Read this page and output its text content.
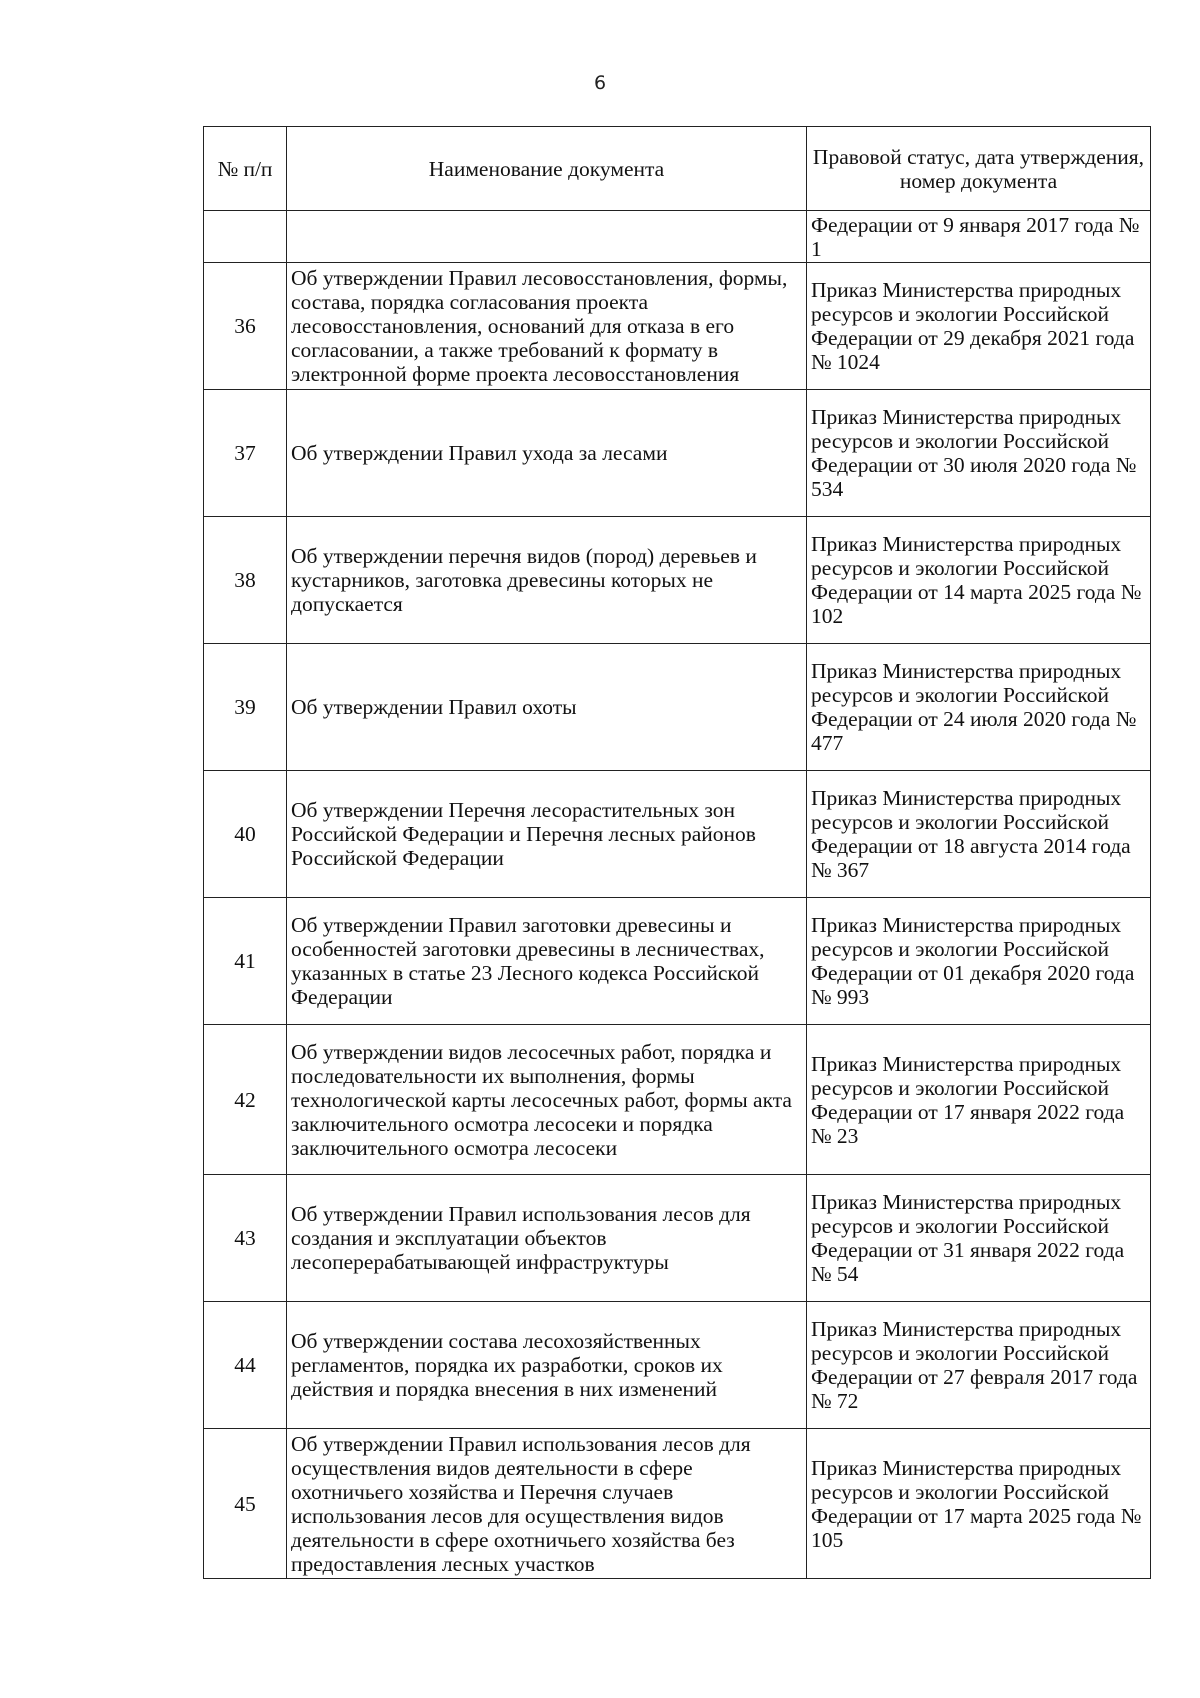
6
№ п/п	Наименование документа	Правовой статус, дата утверждения, номер документа
		Федерации от 9 января 2017 года № 1
36	Об утверждении Правил лесовосстановления, формы, состава, порядка согласования проекта лесовосстановления, оснований для отказа в его согласовании, а также требований к формату в электронной форме проекта лесовосстановления	Приказ Министерства природных ресурсов и экологии Российской Федерации от 29 декабря 2021 года № 1024
37	Об утверждении Правил ухода за лесами	Приказ Министерства природных ресурсов и экологии Российской Федерации от 30 июля 2020 года № 534
38	Об утверждении перечня видов (пород) деревьев и кустарников, заготовка древесины которых не допускается	Приказ Министерства природных ресурсов и экологии Российской Федерации от 14 марта 2025 года № 102
39	Об утверждении Правил охоты	Приказ Министерства природных ресурсов и экологии Российской Федерации от 24 июля 2020 года № 477
40	Об утверждении Перечня лесорастительных зон Российской Федерации и Перечня лесных районов Российской Федерации	Приказ Министерства природных ресурсов и экологии Российской Федерации от 18 августа 2014 года № 367
41	Об утверждении Правил заготовки древесины и особенностей заготовки древесины в лесничествах, указанных в статье 23 Лесного кодекса Российской Федерации	Приказ Министерства природных ресурсов и экологии Российской Федерации от 01 декабря 2020 года № 993
42	Об утверждении видов лесосечных работ, порядка и последовательности их выполнения, формы технологической карты лесосечных работ, формы акта заключительного осмотра лесосеки и порядка заключительного осмотра лесосеки	Приказ Министерства природных ресурсов и экологии Российской Федерации от 17 января 2022 года № 23
43	Об утверждении Правил использования лесов для создания и эксплуатации объектов лесоперерабатывающей инфраструктуры	Приказ Министерства природных ресурсов и экологии Российской Федерации от 31 января 2022 года № 54
44	Об утверждении состава лесохозяйственных регламентов, порядка их разработки, сроков их действия и порядка внесения в них изменений	Приказ Министерства природных ресурсов и экологии Российской Федерации от 27 февраля 2017 года № 72
45	Об утверждении Правил использования лесов для осуществления видов деятельности в сфере охотничьего хозяйства и Перечня случаев использования лесов для осуществления видов деятельности в сфере охотничьего хозяйства без предоставления лесных участков	Приказ Министерства природных ресурсов и экологии Российской Федерации от 17 марта 2025 года № 105
